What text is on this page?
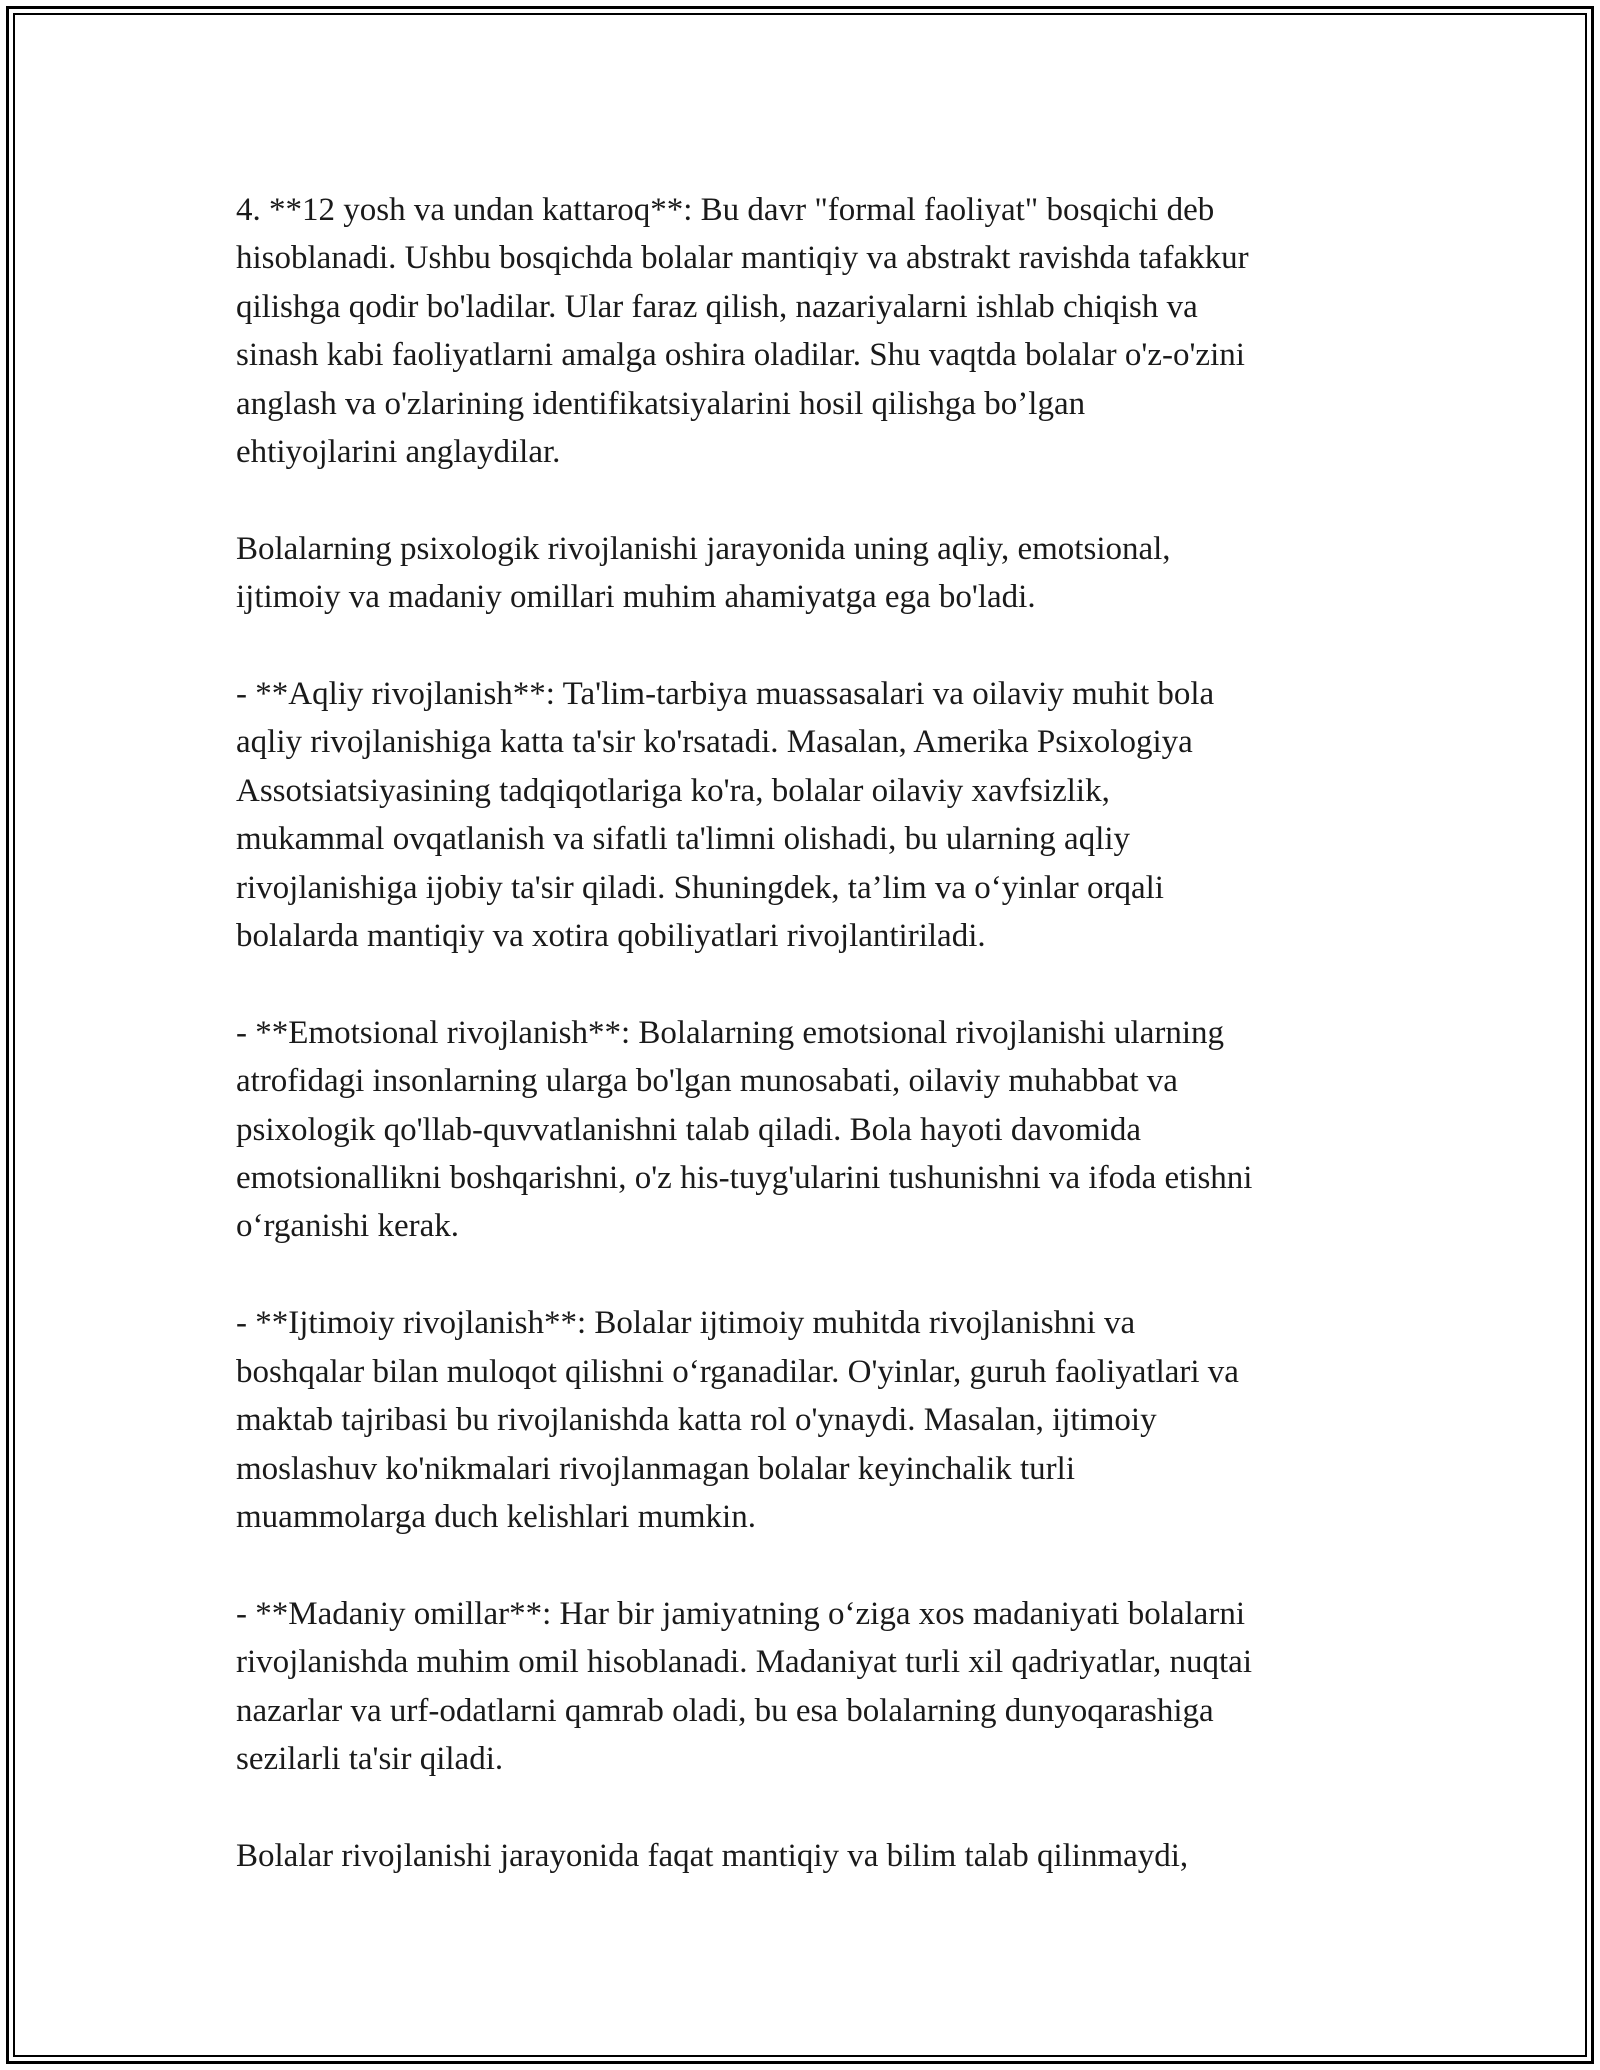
4. **12 yosh va undan kattaroq**: Bu davr "formal faoliyat" bosqichi deb
hisoblanadi. Ushbu bosqichda bolalar mantiqiy va abstrakt ravishda tafakkur
qilishga qodir bo'ladilar. Ular faraz qilish, nazariyalarni ishlab chiqish va
sinash kabi faoliyatlarni amalga oshira oladilar. Shu vaqtda bolalar o'z-o'zini
anglash va o'zlarining identifikatsiyalarini hosil qilishga bo’lgan
ehtiyojlarini anglaydilar.

Bolalarning psixologik rivojlanishi jarayonida uning aqliy, emotsional,
ijtimoiy va madaniy omillari muhim ahamiyatga ega bo'ladi.

- **Aqliy rivojlanish**: Ta'lim-tarbiya muassasalari va oilaviy muhit bola
aqliy rivojlanishiga katta ta'sir ko'rsatadi. Masalan, Amerika Psixologiya
Assotsiatsiyasining tadqiqotlariga ko'ra, bolalar oilaviy xavfsizlik,
mukammal ovqatlanish va sifatli ta'limni olishadi, bu ularning aqliy
rivojlanishiga ijobiy ta'sir qiladi. Shuningdek, ta’lim va o‘yinlar orqali
bolalarda mantiqiy va xotira qobiliyatlari rivojlantiriladi.

- **Emotsional rivojlanish**: Bolalarning emotsional rivojlanishi ularning
atrofidagi insonlarning ularga bo'lgan munosabati, oilaviy muhabbat va
psixologik qo'llab-quvvatlanishni talab qiladi. Bola hayoti davomida
emotsionallikni boshqarishni, o'z his-tuyg'ularini tushunishni va ifoda etishni
o‘rganishi kerak.

- **Ijtimoiy rivojlanish**: Bolalar ijtimoiy muhitda rivojlanishni va
boshqalar bilan muloqot qilishni o‘rganadilar. O'yinlar, guruh faoliyatlari va
maktab tajribasi bu rivojlanishda katta rol o'ynaydi. Masalan, ijtimoiy
moslashuv ko'nikmalari rivojlanmagan bolalar keyinchalik turli
muammolarga duch kelishlari mumkin.

- **Madaniy omillar**: Har bir jamiyatning o‘ziga xos madaniyati bolalarni
rivojlanishda muhim omil hisoblanadi. Madaniyat turli xil qadriyatlar, nuqtai
nazarlar va urf-odatlarni qamrab oladi, bu esa bolalarning dunyoqarashiga
sezilarli ta'sir qiladi.

Bolalar rivojlanishi jarayonida faqat mantiqiy va bilim talab qilinmaydi,
